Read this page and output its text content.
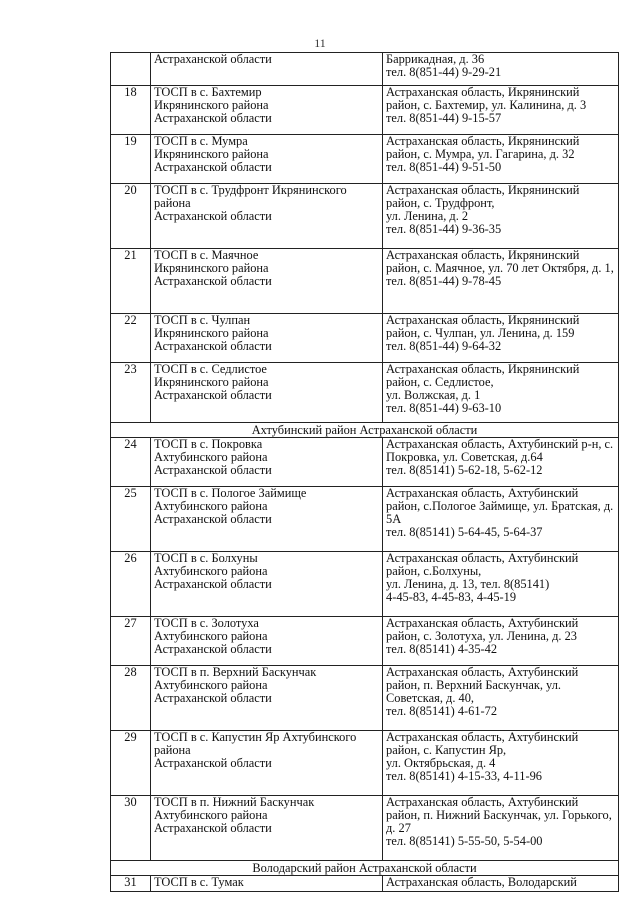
11
	Астраханской области	Баррикадная, д. 36
тел. 8(851-44) 9-29-21
18	ТОСП в с. Бахтемир
Икрянинского района
Астраханской области	Астраханская область, Икрянинский район, с. Бахтемир, ул. Калинина, д. 3
тел. 8(851-44) 9-15-57
19	ТОСП в с. Мумра
Икрянинского района
Астраханской области	Астраханская область, Икрянинский район, с. Мумра, ул. Гагарина, д. 32
тел. 8(851-44) 9-51-50
20	ТОСП в с. Трудфронт Икрянинского района
Астраханской области	Астраханская область, Икрянинский район, с. Трудфронт,
ул. Ленина, д. 2
тел. 8(851-44) 9-36-35
21	ТОСП в с. Маячное
Икрянинского района
Астраханской области	Астраханская область, Икрянинский район, с. Маячное, ул. 70 лет Октября, д. 1,
тел. 8(851-44) 9-78-45
22	ТОСП в с. Чулпан
Икрянинского района
Астраханской области	Астраханская область, Икрянинский район, с. Чулпан, ул. Ленина, д. 159
тел. 8(851-44) 9-64-32
23	ТОСП в с. Седлистое
Икрянинского района
Астраханской области	Астраханская область, Икрянинский район, с. Седлистое,
ул. Волжская, д. 1
тел. 8(851-44) 9-63-10
Ахтубинский район Астраханской области		
24	ТОСП в с. Покровка
Ахтубинского района
Астраханской области	Астраханская область, Ахтубинский р-н, с. Покровка, ул. Советская, д.64
тел. 8(85141) 5-62-18, 5-62-12
25	ТОСП в с. Пологое Займище Ахтубинского района
Астраханской области	Астраханская область, Ахтубинский район, с.Пологое Займище, ул. Братская, д. 5А
тел. 8(85141) 5-64-45, 5-64-37
26	ТОСП в с. Болхуны
Ахтубинского района
Астраханской области	Астраханская область, Ахтубинский район, с.Болхуны,
ул. Ленина, д. 13, тел. 8(85141)
4-45-83, 4-45-83, 4-45-19
27	ТОСП в с. Золотуха
Ахтубинского района
Астраханской области	Астраханская область, Ахтубинский район, с. Золотуха, ул. Ленина, д. 23
тел. 8(85141) 4-35-42
28	ТОСП в п. Верхний Баскунчак Ахтубинского района
Астраханской области	Астраханская область, Ахтубинский район, п. Верхний Баскунчак, ул. Советская, д. 40,
тел. 8(85141) 4-61-72
29	ТОСП в с. Капустин Яр Ахтубинского района
Астраханской области	Астраханская область, Ахтубинский район, с. Капустин Яр,
ул. Октябрьская, д. 4
тел. 8(85141) 4-15-33, 4-11-96
30	ТОСП в п. Нижний Баскунчак Ахтубинского района
Астраханской области	Астраханская область, Ахтубинский район, п. Нижний Баскунчак, ул. Горького, д. 27
тел. 8(85141) 5-55-50, 5-54-00
Володарский район Астраханской области		
31	ТОСП в с. Тумак	Астраханская область, Володарский
